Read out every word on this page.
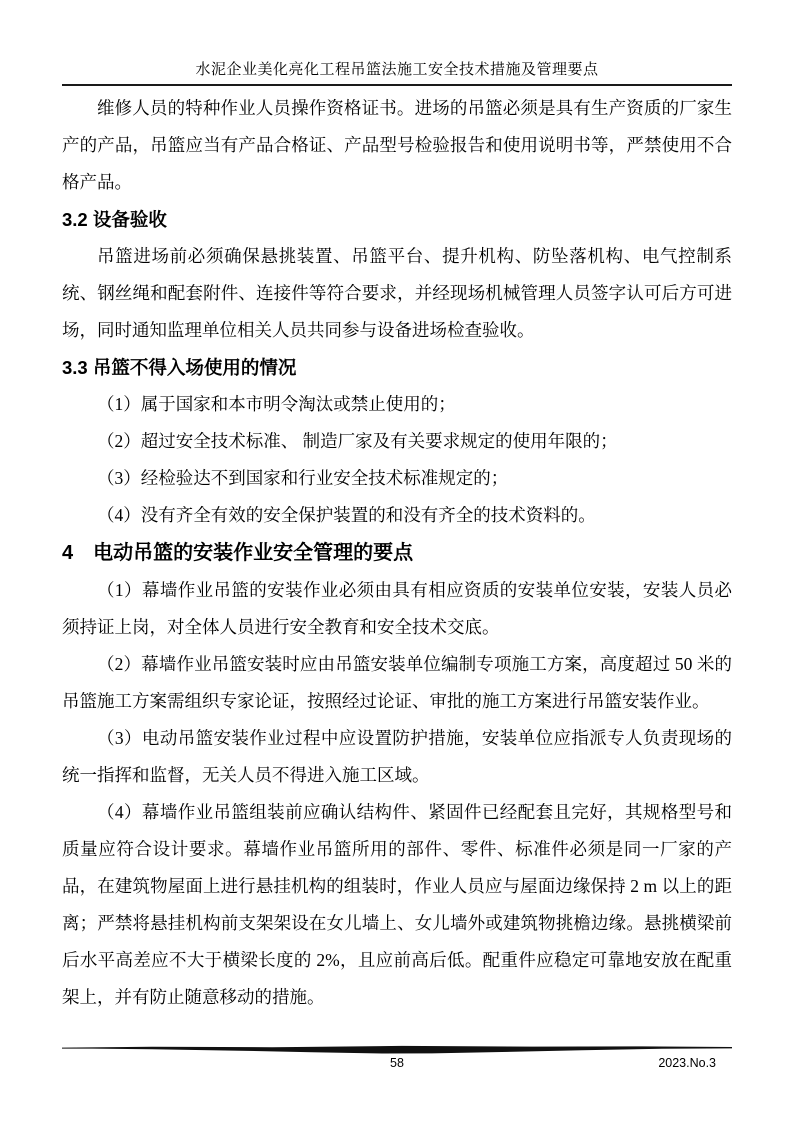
水泥企业美化亮化工程吊篮法施工安全技术措施及管理要点

维修人员的特种作业人员操作资格证书。进场的吊篮必须是具有生产资质的厂家生产的产品，吊篮应当有产品合格证、产品型号检验报告和使用说明书等，严禁使用不合格产品。

3.2 设备验收

吊篮进场前必须确保悬挑装置、吊篮平台、提升机构、防坠落机构、电气控制系统、钢丝绳和配套附件、连接件等符合要求，并经现场机械管理人员签字认可后方可进场，同时通知监理单位相关人员共同参与设备进场检查验收。

3.3 吊篮不得入场使用的情况

（1）属于国家和本市明令淘汰或禁止使用的；

（2）超过安全技术标准、 制造厂家及有关要求规定的使用年限的；

（3）经检验达不到国家和行业安全技术标准规定的；

（4）没有齐全有效的安全保护装置的和没有齐全的技术资料的。

4　电动吊篮的安装作业安全管理的要点

（1）幕墙作业吊篮的安装作业必须由具有相应资质的安装单位安装，安装人员必须持证上岗，对全体人员进行安全教育和安全技术交底。

（2）幕墙作业吊篮安装时应由吊篮安装单位编制专项施工方案，高度超过 50 米的吊篮施工方案需组织专家论证，按照经过论证、审批的施工方案进行吊篮安装作业。

（3）电动吊篮安装作业过程中应设置防护措施，安装单位应指派专人负责现场的统一指挥和监督，无关人员不得进入施工区域。

（4）幕墙作业吊篮组装前应确认结构件、紧固件已经配套且完好，其规格型号和质量应符合设计要求。幕墙作业吊篮所用的部件、零件、标准件必须是同一厂家的产品，在建筑物屋面上进行悬挂机构的组装时，作业人员应与屋面边缘保持 2 m 以上的距离；严禁将悬挂机构前支架架设在女儿墙上、女儿墙外或建筑物挑檐边缘。悬挑横梁前后水平高差应不大于横梁长度的 2%，且应前高后低。配重件应稳定可靠地安放在配重架上，并有防止随意移动的措施。

58	2023.No.3
